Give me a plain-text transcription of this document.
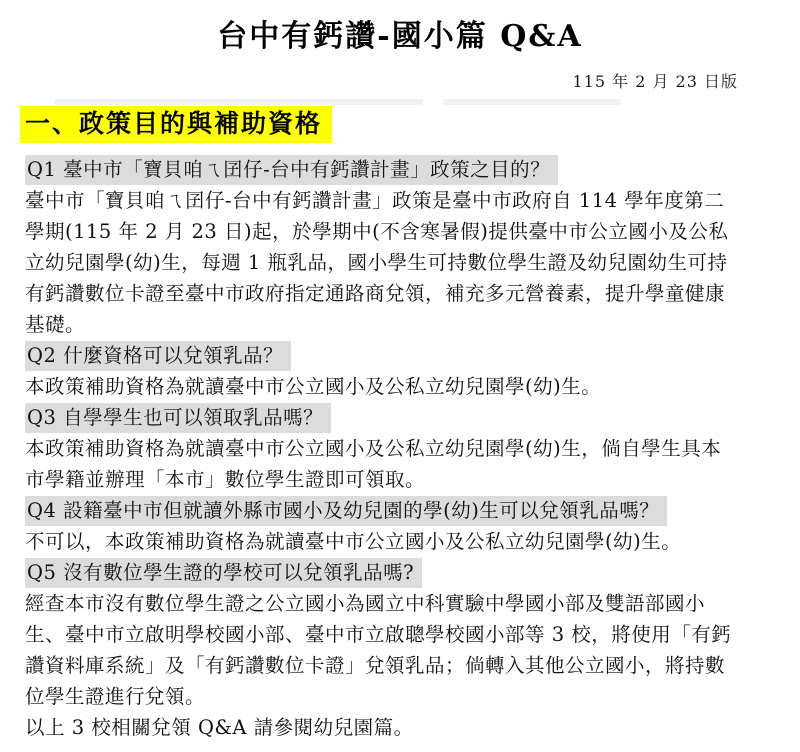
台中有鈣讚-國小篇 Q&A
115 年 2 月 23 日版
一、政策目的與補助資格
Q1 臺中市「寶貝咱ㄟ囝仔-台中有鈣讚計畫」政策之目的？
臺中市「寶貝咱ㄟ囝仔-台中有鈣讚計畫」政策是臺中市政府自 114 學年度第二
學期(115 年 2 月 23 日)起，於學期中(不含寒暑假)提供臺中市公立國小及公私
立幼兒園學(幼)生，每週 1 瓶乳品，國小學生可持數位學生證及幼兒園幼生可持
有鈣讚數位卡證至臺中市政府指定通路商兌領，補充多元營養素，提升學童健康
基礎。
Q2 什麼資格可以兌領乳品？
本政策補助資格為就讀臺中市公立國小及公私立幼兒園學(幼)生。
Q3 自學學生也可以領取乳品嗎？
本政策補助資格為就讀臺中市公立國小及公私立幼兒園學(幼)生，倘自學生具本
市學籍並辦理「本市」數位學生證即可領取。
Q4 設籍臺中市但就讀外縣市國小及幼兒園的學(幼)生可以兌領乳品嗎？
不可以，本政策補助資格為就讀臺中市公立國小及公私立幼兒園學(幼)生。
Q5 沒有數位學生證的學校可以兌領乳品嗎?
經查本市沒有數位學生證之公立國小為國立中科實驗中學國小部及雙語部國小
生、臺中市立啟明學校國小部、臺中市立啟聰學校國小部等 3 校，將使用「有鈣
讚資料庫系統」及「有鈣讚數位卡證」兌領乳品；倘轉入其他公立國小，將持數
位學生證進行兌領。
以上 3 校相關兌領 Q&A 請參閱幼兒園篇。
